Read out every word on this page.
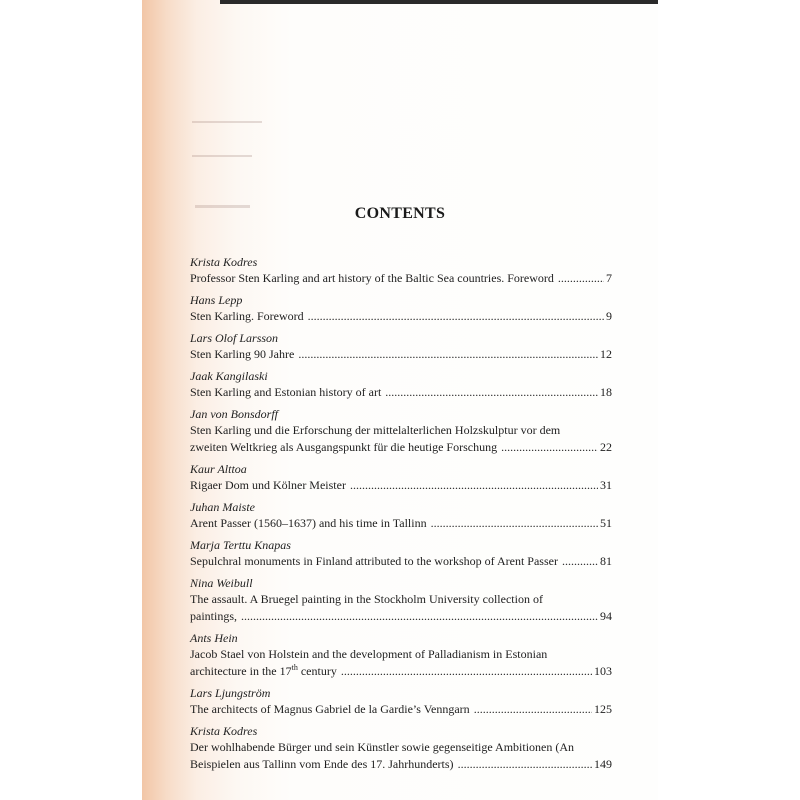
CONTENTS
Krista Kodres
Professor Sten Karling and art history of the Baltic Sea countries. Foreword .....	7
Hans Lepp
Sten Karling. Foreword .....	9
Lars Olof Larsson
Sten Karling 90 Jahre .....	12
Jaak Kangilaski
Sten Karling and Estonian history of art .....	18
Jan von Bonsdorff
Sten Karling und die Erforschung der mittelalterlichen Holzskulptur vor dem
zweiten Weltkrieg als Ausgangspunkt für die heutige Forschung .....	22
Kaur Alttoa
Rigaer Dom und Kölner Meister .....	31
Juhan Maiste
Arent Passer (1560–1637) and his time in Tallinn .....	51
Marja Terttu Knapas
Sepulchral monuments in Finland attributed to the workshop of Arent Passer .....	81
Nina Weibull
The assault. A Bruegel painting in the Stockholm University collection of
paintings, .....	94
Ants Hein
Jacob Stael von Holstein and the development of Palladianism in Estonian
architecture in the 17th century .....	103
Lars Ljungström
The architects of Magnus Gabriel de la Gardie’s Venngarn .....	125
Krista Kodres
Der wohlhabende Bürger und sein Künstler sowie gegenseitige Ambitionen (An
Beispielen aus Tallinn vom Ende des 17. Jahrhunderts) .....	149
